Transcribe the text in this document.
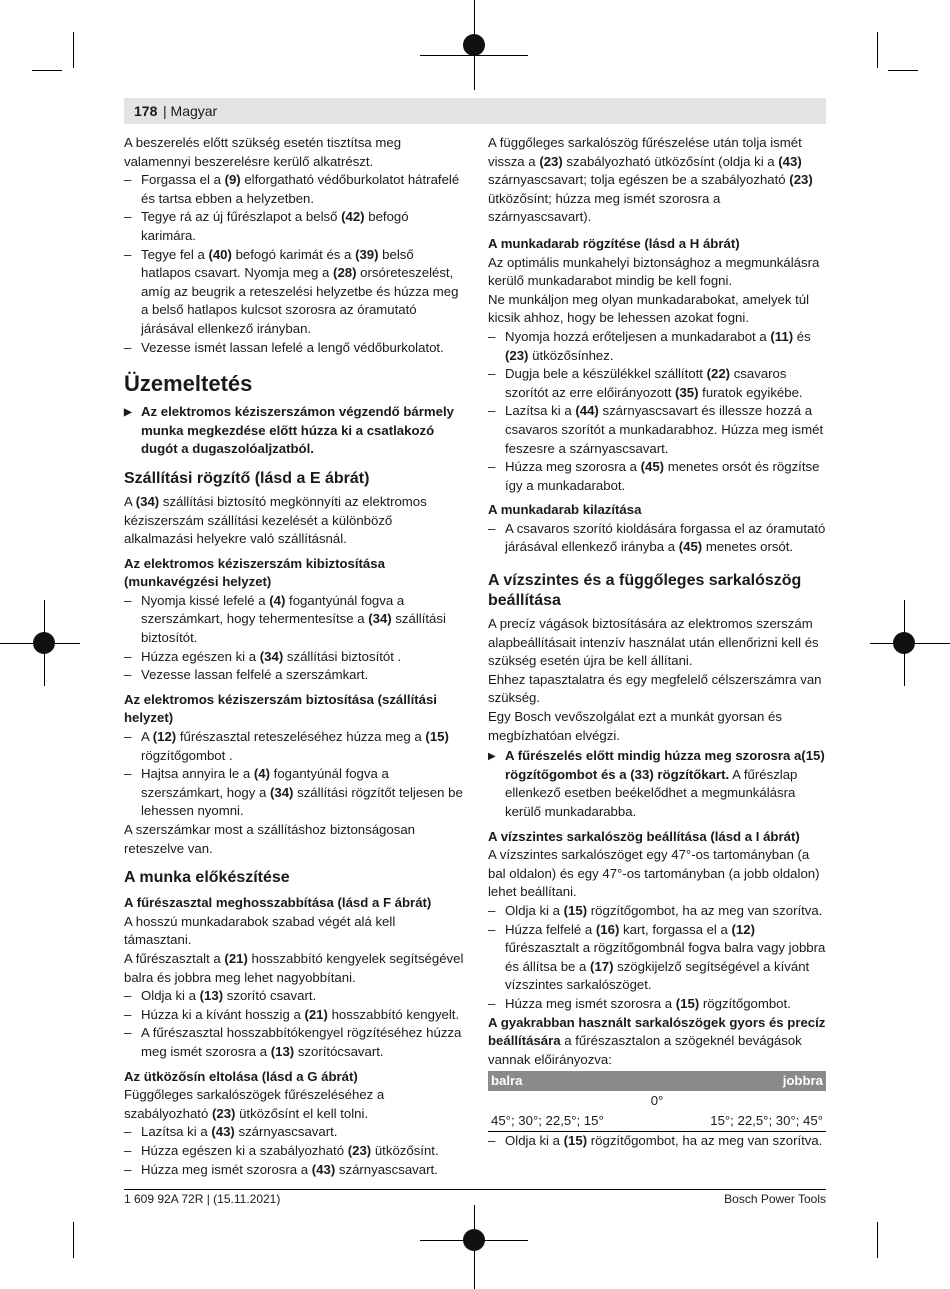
178 | Magyar

A beszerelés előtt szükség esetén tisztítsa meg valamennyi beszerelésre kerülő alkatrészt.

– Forgassa el a (9) elforgatható védőburkolatot hátrafelé és tartsa ebben a helyzetben.

– Tegye rá az új fűrészlapot a belső (42) befogó karimára.

– Tegye fel a (40) befogó karimát és a (39) belső hatlapos csavart. Nyomja meg a (28) orsóreteszelést, amíg az beugrik a reteszelési helyzetbe és húzza meg a belső hatlapos kulcsot szorosra az óramutató járásával ellenkező irányban.

– Vezesse ismét lassan lefelé a lengő védőburkolatot.

Üzemeltetés

▶ Az elektromos kéziszerszámon végzendő bármely munka megkezdése előtt húzza ki a csatlakozó dugót a dugaszolóaljzatból.

Szállítási rögzítő (lásd a E ábrát)

A (34) szállítási biztosító megkönnyíti az elektromos kéziszerszám szállítási kezelését a különböző alkalmazási helyekre való szállításnál.

Az elektromos kéziszerszám kibiztosítása (munkavégzési helyzet)

– Nyomja kissé lefelé a (4) fogantyúnál fogva a szerszámkart, hogy tehermentesítse a (34) szállítási biztosítót.

– Húzza egészen ki a (34) szállítási biztosítót .

– Vezesse lassan felfelé a szerszámkart.

Az elektromos kéziszerszám biztosítása (szállítási helyzet)

– A (12) fűrészasztal reteszeléséhez húzza meg a (15) rögzítőgombot .

– Hajtsa annyira le a (4) fogantyúnál fogva a szerszámkart, hogy a (34) szállítási rögzítőt teljesen be lehessen nyomni.

A szerszámkar most a szállításhoz biztonságosan reteszelve van.

A munka előkészítése
A fűrészasztal meghosszabbítása (lásd a F ábrát)

A hosszú munkadarabok szabad végét alá kell támasztani.

A fűrészasztalt a (21) hosszabbító kengyelek segítségével balra és jobbra meg lehet nagyobbítani.

– Oldja ki a (13) szorító csavart.

– Húzza ki a kívánt hosszig a (21) hosszabbító kengyelt.

– A fűrészasztal hosszabbítókengyel rögzítéséhez húzza meg ismét szorosra a (13) szorítócsavart.

Az ütközősín eltolása (lásd a G ábrát)

Függőleges sarkalószögek fűrészeléséhez a szabályozható (23) ütközősínt el kell tolni.

– Lazítsa ki a (43) szárnyascsavart.

– Húzza egészen ki a szabályozható (23) ütközősínt.

– Húzza meg ismét szorosra a (43) szárnyascsavart.

A függőleges sarkalószög fűrészelése után tolja ismét vissza a (23) szabályozható ütközősínt (oldja ki a (43) szárnyascsavart; tolja egészen be a szabályozható (23) ütközősínt; húzza meg ismét szorosra a szárnyascsavart).

A munkadarab rögzítése (lásd a H ábrát)

Az optimális munkahelyi biztonsághoz a megmunkálásra kerülő munkadarabot mindig be kell fogni.

Ne munkáljon meg olyan munkadarabokat, amelyek túl kicsik ahhoz, hogy be lehessen azokat fogni.

– Nyomja hozzá erőteljesen a munkadarabot a (11) és (23) ütközősínhez.

– Dugja bele a készülékkel szállított (22) csavaros szorítót az erre előirányozott (35) furatok egyikébe.

– Lazítsa ki a (44) szárnyascsavart és illessze hozzá a csavaros szorítót a munkadarabhoz. Húzza meg ismét feszesre a szárnyascsavart.

– Húzza meg szorosra a (45) menetes orsót és rögzítse így a munkadarabot.

A munkadarab kilazítása

– A csavaros szorító kioldására forgassa el az óramutató járásával ellenkező irányba a (45) menetes orsót.

A vízszintes és a függőleges sarkalószög beállítása

A precíz vágások biztosítására az elektromos szerszám alapbeállításait intenzív használat után ellenőrizni kell és szükség esetén újra be kell állítani.

Ehhez tapasztalatra és egy megfelelő célszerszámra van szükség.

Egy Bosch vevőszolgálat ezt a munkát gyorsan és megbízhatóan elvégzi.

▶ A fűrészelés előtt mindig húzza meg szorosra a(15) rögzítőgombot és a (33) rögzítőkart. A fűrészlap ellenkező esetben beékelődhet a megmunkálásra kerülő munkadarabba.

A vízszintes sarkalószög beállítása (lásd a I ábrát)

A vízszintes sarkalószöget egy 47°-os tartományban (a bal oldalon) és egy 47°-os tartományban (a jobb oldalon) lehet beállítani.

– Oldja ki a (15) rögzítőgombot, ha az meg van szorítva.

– Húzza felfelé a (16) kart, forgassa el a (12) fűrészasztalt a rögzítőgombnál fogva balra vagy jobbra és állítsa be a (17) szögkijelző segítségével a kívánt vízszintes sarkalószöget.

– Húzza meg ismét szorosra a (15) rögzítőgombot.

A gyakrabban használt sarkalószögek gyors és precíz beállítására a fűrészasztalon a szögeknél bevágások vannak előirányozva:

balra	jobbra
0°	
45°; 30°; 22,5°; 15°	15°; 22,5°; 30°; 45°

– Oldja ki a (15) rögzítőgombot, ha az meg van szorítva.

1 609 92A 72R | (15.11.2021)	Bosch Power Tools
